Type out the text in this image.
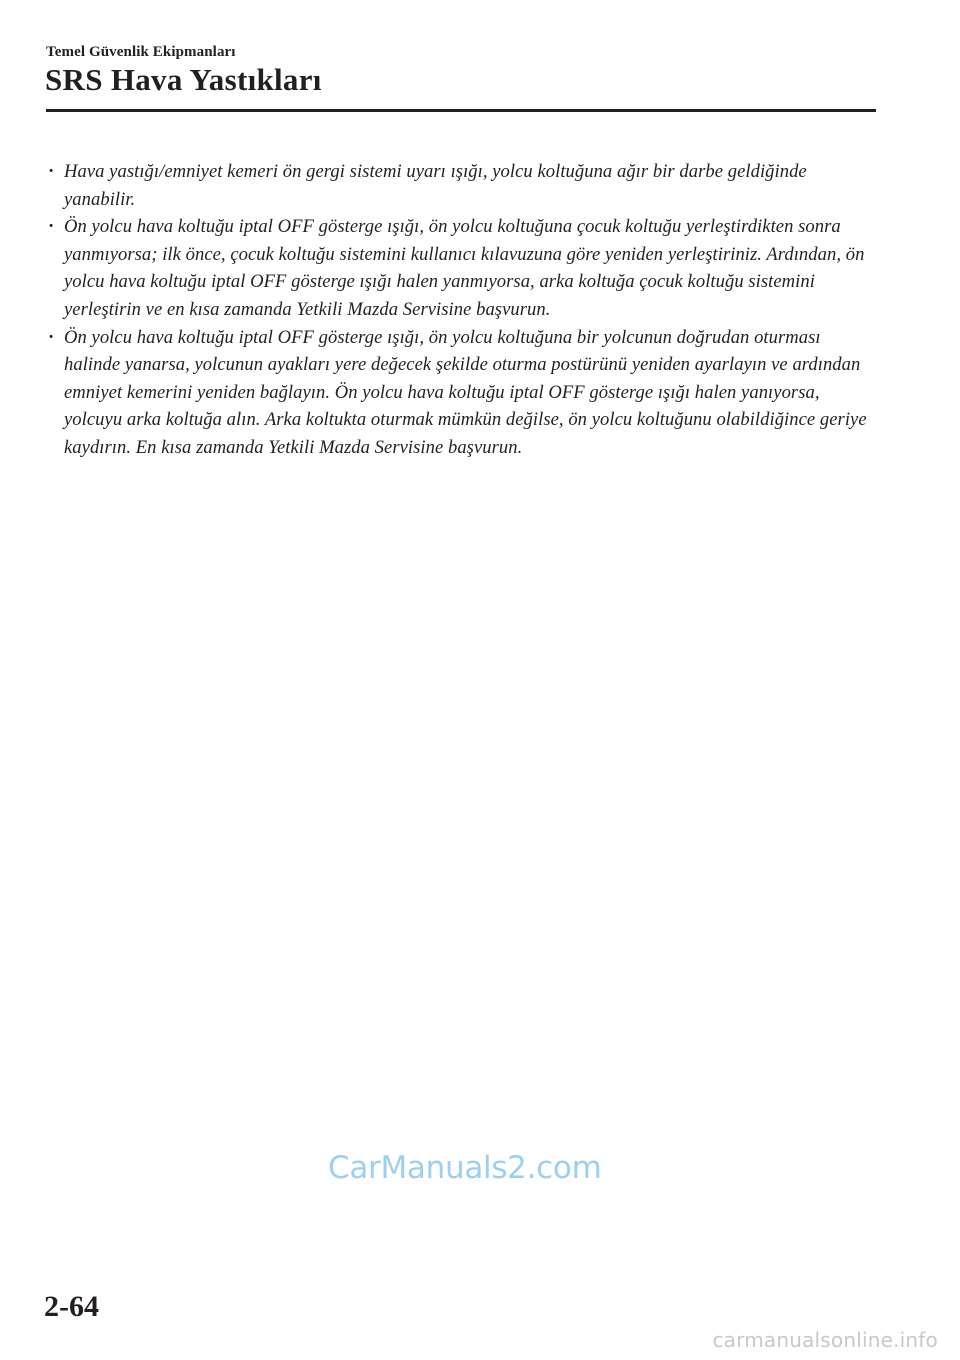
Temel Güvenlik Ekipmanları
SRS Hava Yastıkları
· Hava yastığı/emniyet kemeri ön gergi sistemi uyarı ışığı, yolcu koltuğuna ağır bir darbe geldiğinde yanabilir.
· Ön yolcu hava koltuğu iptal OFF gösterge ışığı, ön yolcu koltuğuna çocuk koltuğu yerleştirdikten sonra yanmıyorsa; ilk önce, çocuk koltuğu sistemini kullanıcı kılavuzuna göre yeniden yerleştiriniz. Ardından, ön yolcu hava koltuğu iptal OFF gösterge ışığı halen yanmıyorsa, arka koltuğa çocuk koltuğu sistemini yerleştirin ve en kısa zamanda Yetkili Mazda Servisine başvurun.
· Ön yolcu hava koltuğu iptal OFF gösterge ışığı, ön yolcu koltuğuna bir yolcunun doğrudan oturması halinde yanarsa, yolcunun ayakları yere değecek şekilde oturma postürünü yeniden ayarlayın ve ardından emniyet kemerini yeniden bağlayın. Ön yolcu hava koltuğu iptal OFF gösterge ışığı halen yanıyorsa, yolcuyu arka koltuğa alın. Arka koltukta oturmak mümkün değilse, ön yolcu koltuğunu olabildiğince geriye kaydırın. En kısa zamanda Yetkili Mazda Servisine başvurun.
CarManuals2.com
2-64
carmanualsonline.info
